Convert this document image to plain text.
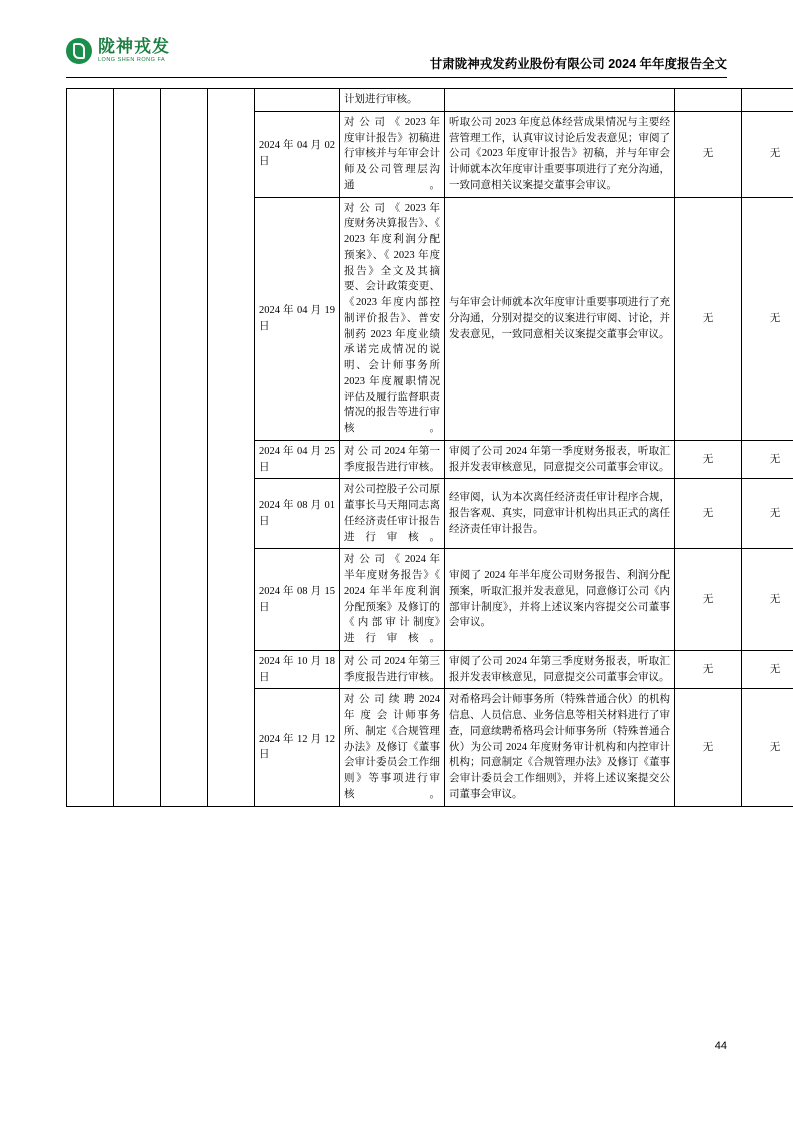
陇神戎发
LONG SHEN RONG FA	甘肃陇神戎发药业股份有限公司 2024 年年度报告全文
					计划进行审核。			
				2024 年 04 月 02 日	对 公 司 《 2023 年度审计报告》初稿进行审核并与年审会计师及公司管理层沟通。	听取公司 2023 年度总体经营成果情况与主要经营管理工作，认真审议讨论后发表意见；审阅了公司《2023 年度审计报告》初稿，并与年审会计师就本次年度审计重要事项进行了充分沟通，一致同意相关议案提交董事会审议。	无	无
				2024 年 04 月 19 日	对 公 司 《 2023 年度财务决算报告》、《 2023 年度利润分配预案》、《 2023 年度报告》全文及其摘要、会计政策变更、《2023 年度内部控制评价报告》、普安制药 2023 年度业绩承诺完成情况的说明、会计师事务所 2023 年度履职情况评估及履行监督职责情况的报告等进行审核。	与年审会计师就本次年度审计重要事项进行了充分沟通，分别对提交的议案进行审阅、讨论，并发表意见，一致同意相关议案提交董事会审议。	无	无
				2024 年 04 月 25 日	对 公 司 2024 年第一季度报告进行审核。	审阅了公司 2024 年第一季度财务报表，听取汇报并发表审核意见，同意提交公司董事会审议。	无	无
				2024 年 08 月 01 日	对公司控股子公司原董事长马天翔同志离任经济责任审计报告进行审核。	经审阅，认为本次离任经济责任审计程序合规，报告客观、真实，同意审计机构出具正式的离任经济责任审计报告。	无	无
				2024 年 08 月 15 日	对 公 司 《 2024 年半年度财务报告》《 2024 年半年度利润分配预案》及修订的《 内 部 审 计 制度》进行审核。	审阅了 2024 年半年度公司财务报告、利润分配预案，听取汇报并发表意见，同意修订公司《内部审计制度》，并将上述议案内容提交公司董事会审议。	无	无
				2024 年 10 月 18 日	对 公 司 2024 年第三季度报告进行审核。	审阅了公司 2024 年第三季度财务报表，听取汇报并发表审核意见，同意提交公司董事会审议。	无	无
				2024 年 12 月 12 日	对 公 司 续 聘 2024 年 度 会 计师事务所、制定《合规管理办法》及修订《董事会审计委员会工作细则》等事项进行审核。	对希格玛会计师事务所（特殊普通合伙）的机构信息、人员信息、业务信息等相关材料进行了审查，同意续聘希格玛会计师事务所（特殊普通合伙）为公司 2024 年度财务审计机构和内控审计机构；同意制定《合规管理办法》及修订《董事会审计委员会工作细则》，并将上述议案提交公司董事会审议。	无	无
44
